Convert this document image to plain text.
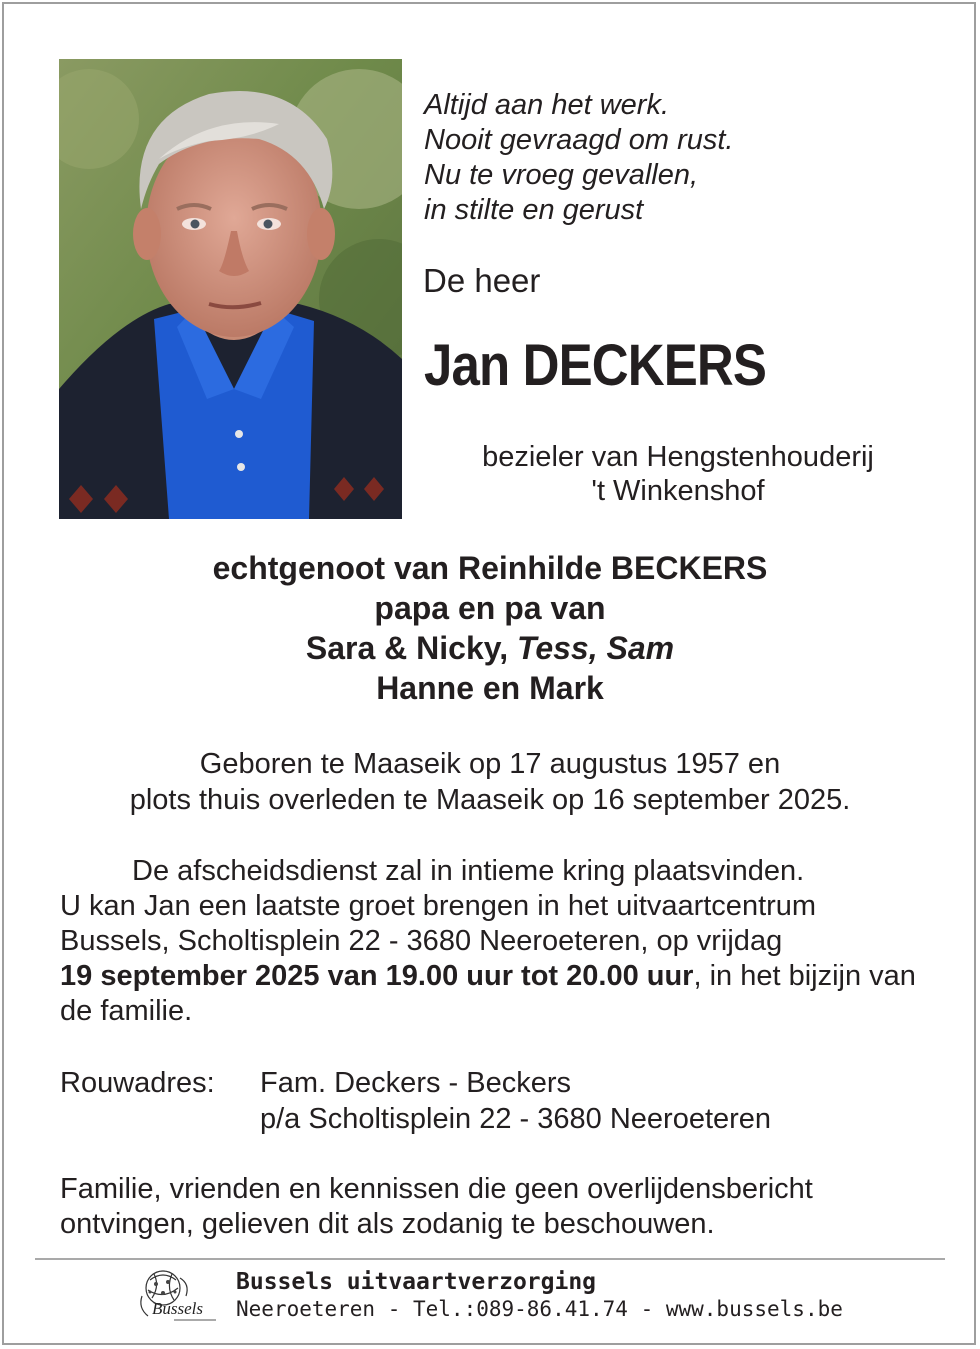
Altijd aan het werk.
Nooit gevraagd om rust.
Nu te vroeg gevallen,
in stilte en gerust
De heer
Jan DECKERS
bezieler van Hengstenhouderij
't Winkenshof
echtgenoot van Reinhilde BECKERS
papa en pa van
Sara & Nicky, Tess, Sam
Hanne en Mark
Geboren te Maaseik op 17 augustus 1957 en
plots thuis overleden te Maaseik op 16 september 2025.
De afscheidsdienst zal in intieme kring plaatsvinden.
U kan Jan een laatste groet brengen in het uitvaartcentrum Bussels, Scholtisplein 22 - 3680 Neeroeteren, op vrijdag
19 september 2025 van 19.00 uur tot 20.00 uur, in het bijzijn van de familie.
Rouwadres:	Fam. Deckers - Beckers
p/a Scholtisplein 22 - 3680 Neeroeteren
Familie, vrienden en kennissen die geen overlijdensbericht ontvingen, gelieven dit als zodanig te beschouwen.
Bussels
Bussels uitvaartverzorging
Neeroeteren - Tel.:089-86.41.74 - www.bussels.be
